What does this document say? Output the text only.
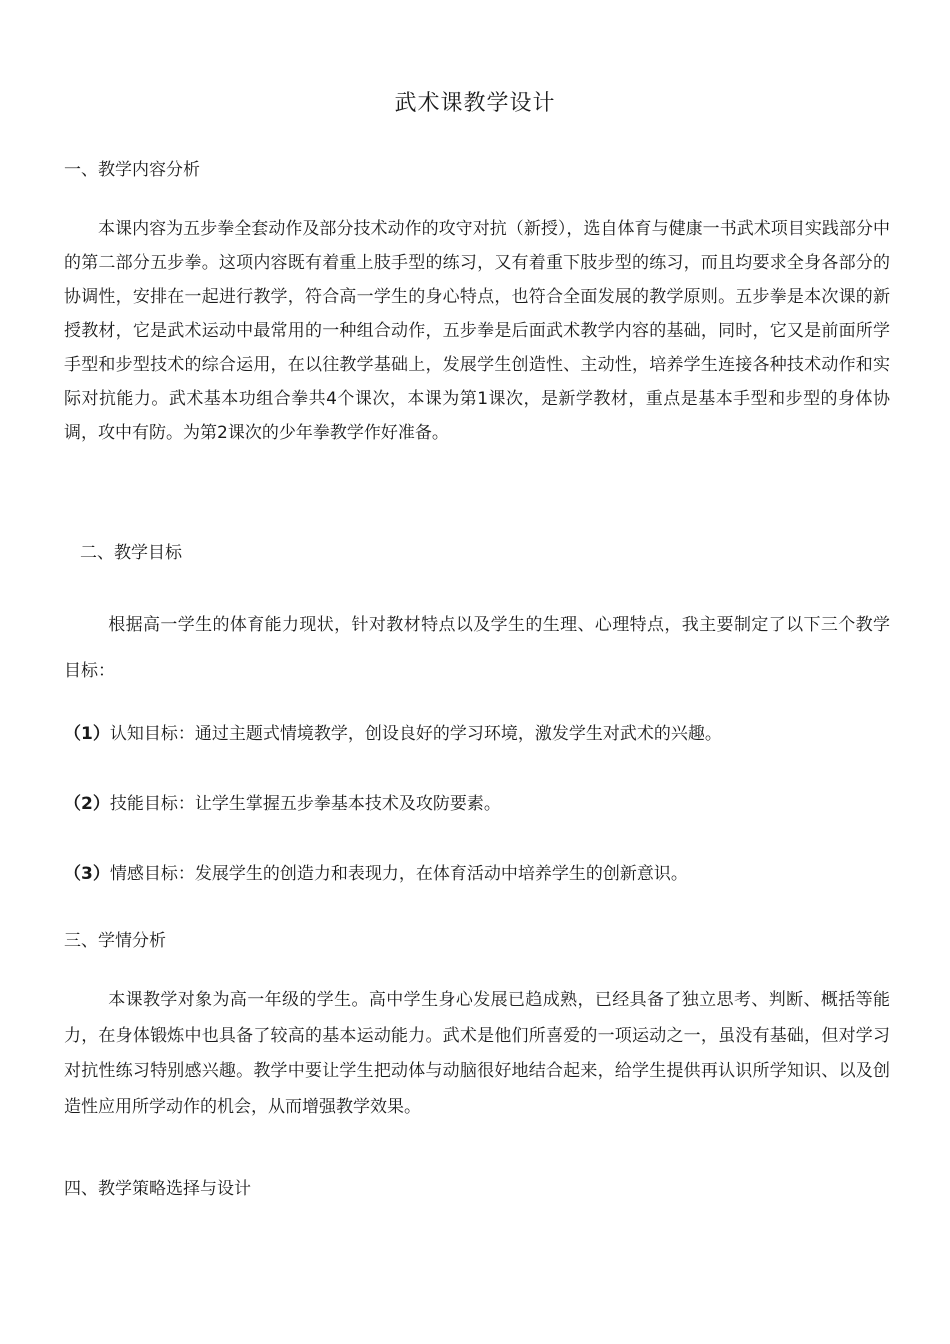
武术课教学设计
一、教学内容分析
本课内容为五步拳全套动作及部分技术动作的攻守对抗（新授），选自体育与健康一书武术项目实践部分中的第二部分五步拳。这项内容既有着重上肢手型的练习，又有着重下肢步型的练习，而且均要求全身各部分的协调性，安排在一起进行教学，符合高一学生的身心特点，也符合全面发展的教学原则。五步拳是本次课的新授教材，它是武术运动中最常用的一种组合动作，五步拳是后面武术教学内容的基础，同时，它又是前面所学手型和步型技术的综合运用，在以往教学基础上，发展学生创造性、主动性，培养学生连接各种技术动作和实际对抗能力。武术基本功组合拳共4个课次，本课为第1课次，是新学教材，重点是基本手型和步型的身体协调，攻中有防。为第2课次的少年拳教学作好准备。
二、教学目标
根据高一学生的体育能力现状，针对教材特点以及学生的生理、心理特点，我主要制定了以下三个教学目标：
（1）认知目标：通过主题式情境教学，创设良好的学习环境，激发学生对武术的兴趣。
（2）技能目标：让学生掌握五步拳基本技术及攻防要素。
（3）情感目标：发展学生的创造力和表现力，在体育活动中培养学生的创新意识。
三、学情分析
本课教学对象为高一年级的学生。高中学生身心发展已趋成熟，已经具备了独立思考、判断、概括等能力，在身体锻炼中也具备了较高的基本运动能力。武术是他们所喜爱的一项运动之一，虽没有基础，但对学习对抗性练习特别感兴趣。教学中要让学生把动体与动脑很好地结合起来，给学生提供再认识所学知识、以及创造性应用所学动作的机会，从而增强教学效果。
四、教学策略选择与设计
